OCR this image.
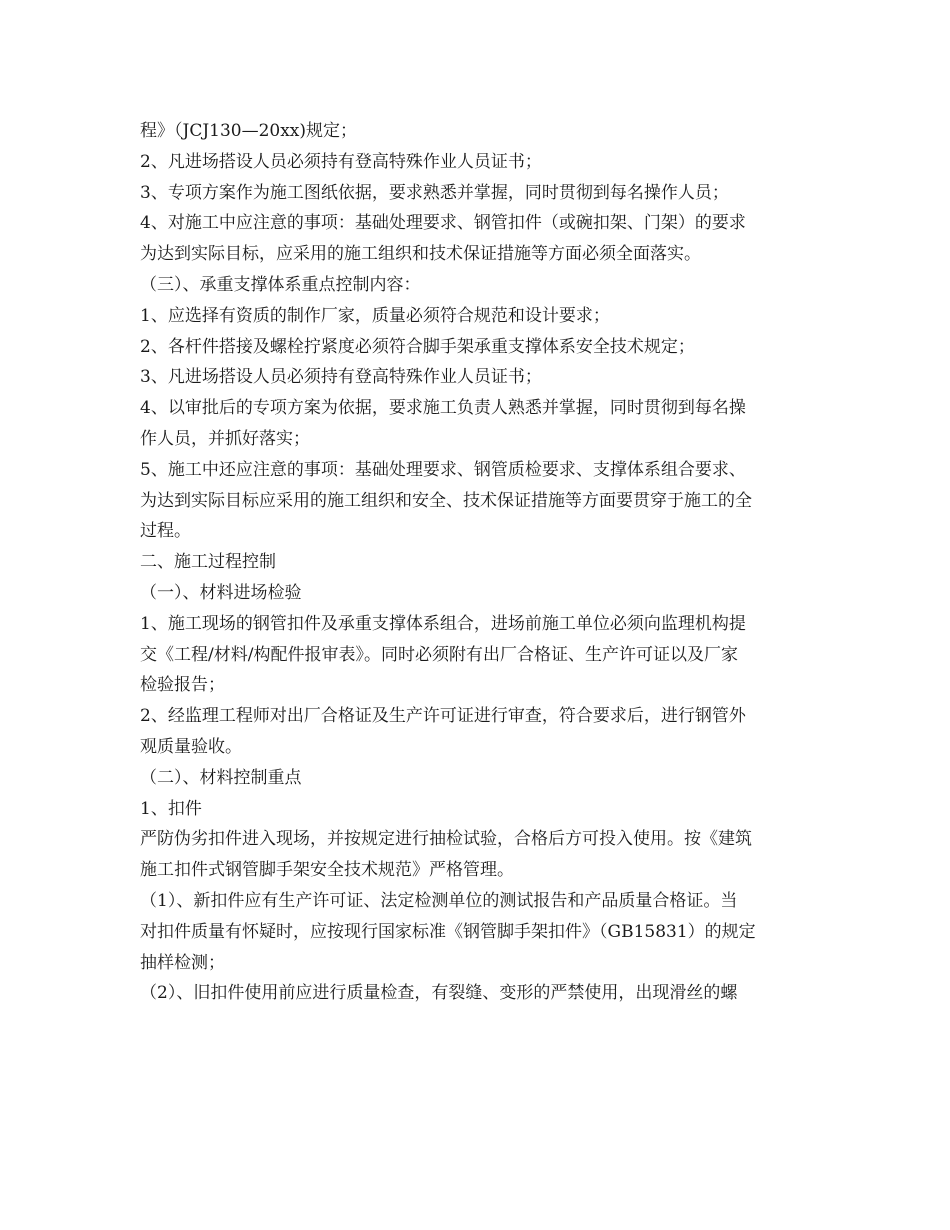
程》（JCJ130—20xx)规定；
2、凡进场搭设人员必须持有登高特殊作业人员证书；
3、专项方案作为施工图纸依据，要求熟悉并掌握，同时贯彻到每名操作人员；
4、对施工中应注意的事项：基础处理要求、钢管扣件（或碗扣架、门架）的要求
为达到实际目标，应采用的施工组织和技术保证措施等方面必须全面落实。
（三）、承重支撑体系重点控制内容：
1、应选择有资质的制作厂家，质量必须符合规范和设计要求；
2、各杆件搭接及螺栓拧紧度必须符合脚手架承重支撑体系安全技术规定；
3、凡进场搭设人员必须持有登高特殊作业人员证书；
4、以审批后的专项方案为依据，要求施工负责人熟悉并掌握，同时贯彻到每名操
作人员，并抓好落实；
5、施工中还应注意的事项：基础处理要求、钢管质检要求、支撑体系组合要求、
为达到实际目标应采用的施工组织和安全、技术保证措施等方面要贯穿于施工的全
过程。
二、施工过程控制
（一）、材料进场检验
1、施工现场的钢管扣件及承重支撑体系组合，进场前施工单位必须向监理机构提
交《工程/材料/构配件报审表》。同时必须附有出厂合格证、生产许可证以及厂家
检验报告；
2、经监理工程师对出厂合格证及生产许可证进行审查，符合要求后，进行钢管外
观质量验收。
（二）、材料控制重点
1、扣件
严防伪劣扣件进入现场，并按规定进行抽检试验，合格后方可投入使用。按《建筑
施工扣件式钢管脚手架安全技术规范》严格管理。
（1）、新扣件应有生产许可证、法定检测单位的测试报告和产品质量合格证。当
对扣件质量有怀疑时，应按现行国家标准《钢管脚手架扣件》（GB15831）的规定
抽样检测；
（2）、旧扣件使用前应进行质量检查，有裂缝、变形的严禁使用，出现滑丝的螺
